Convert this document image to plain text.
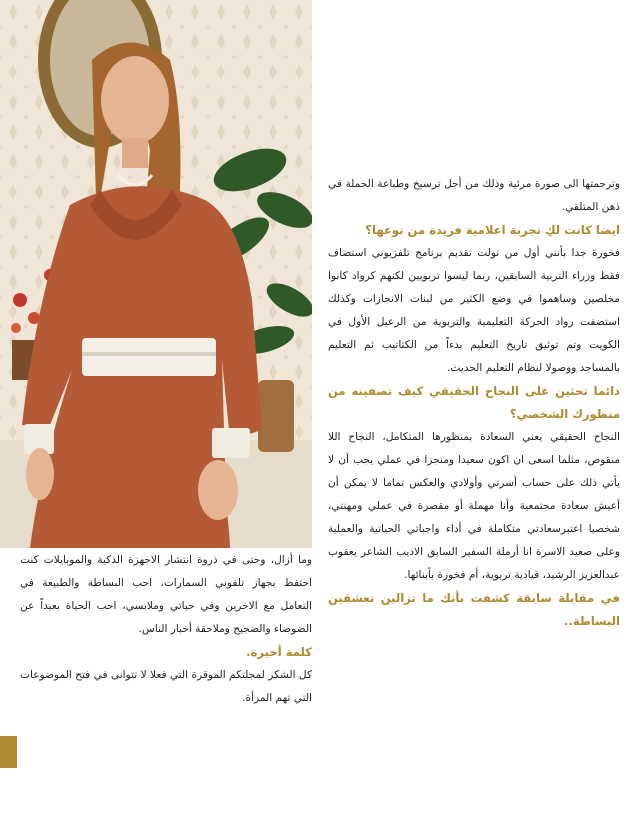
وترجمتها الى صورة مرئية وذلك من أجل ترسيخ وطباعة الجملة في ذهن المتلقي.

ايضا كانت لكِ تجربة اعلامية فريدة من نوعها؟

فخورة جدا بأنني أول من تولت تقديم برنامج تلفزيوني استضاف فقط وزراء التربية السابقين، ربما ليسوا تربويين لكنهم كرواد كانوا مخلصين وساهموا في وضع الكثير من لبنات الانجازات وكذلك استضفت رواد الحركة التعليمية والتربوية من الرعيل الأول في الكويت وتم توثيق تاريخ التعليم بدءاً من الكتاتيب ثم التعليم بالمساجد ووصولا لنظام التعليم الحديث.

دائما تحثين على النجاح الحقيقي كيف تصفينه من منظورك الشخصي؟

النجاح الحقيقي يعني السعادة بمنظورها المتكامل، النجاح اللا منقوص، مثلما اسعى ان اكون سعيدا ومنجزا في عملي يجب أن لا يأتي ذلك على حساب أسرتي وأولادي والعكس تماما لا يمكن أن أعيش سعادة مجتمعية وأنا مهملة أو مقصرة في عملي ومهنتي، شخصيا اعتبرسعادتي متكاملة في أداء واجباتي الحياتية والعملية وعلى صعيد الاسرة انا أرملة السفير السابق الاديب الشاعر يعقوب عبدالعزيز الرشيد، قيادية تربوية، أم فخورة بأبنائها.

في مقابلة سابقة كشفت بأنك ما تزالين تعشقين البساطة..

وما أزال، وحتى في ذروة انتشار الاجهزة الذكية والموبايلات كنت احتفظ بجهاز تلفوني السمارات، احب البساطة والطبيعة في التعامل مع الاخرين وفي حياتي وملابسي، احب الحياة بعيداً عن الضوضاء والضجيج وملاحقة أخبار الناس.

كلمة أخيرة.

كل الشكر لمجلتكم الموقرة التي فعلا لا تتوانى في فتح الموضوعات التي تهم المرأة.
